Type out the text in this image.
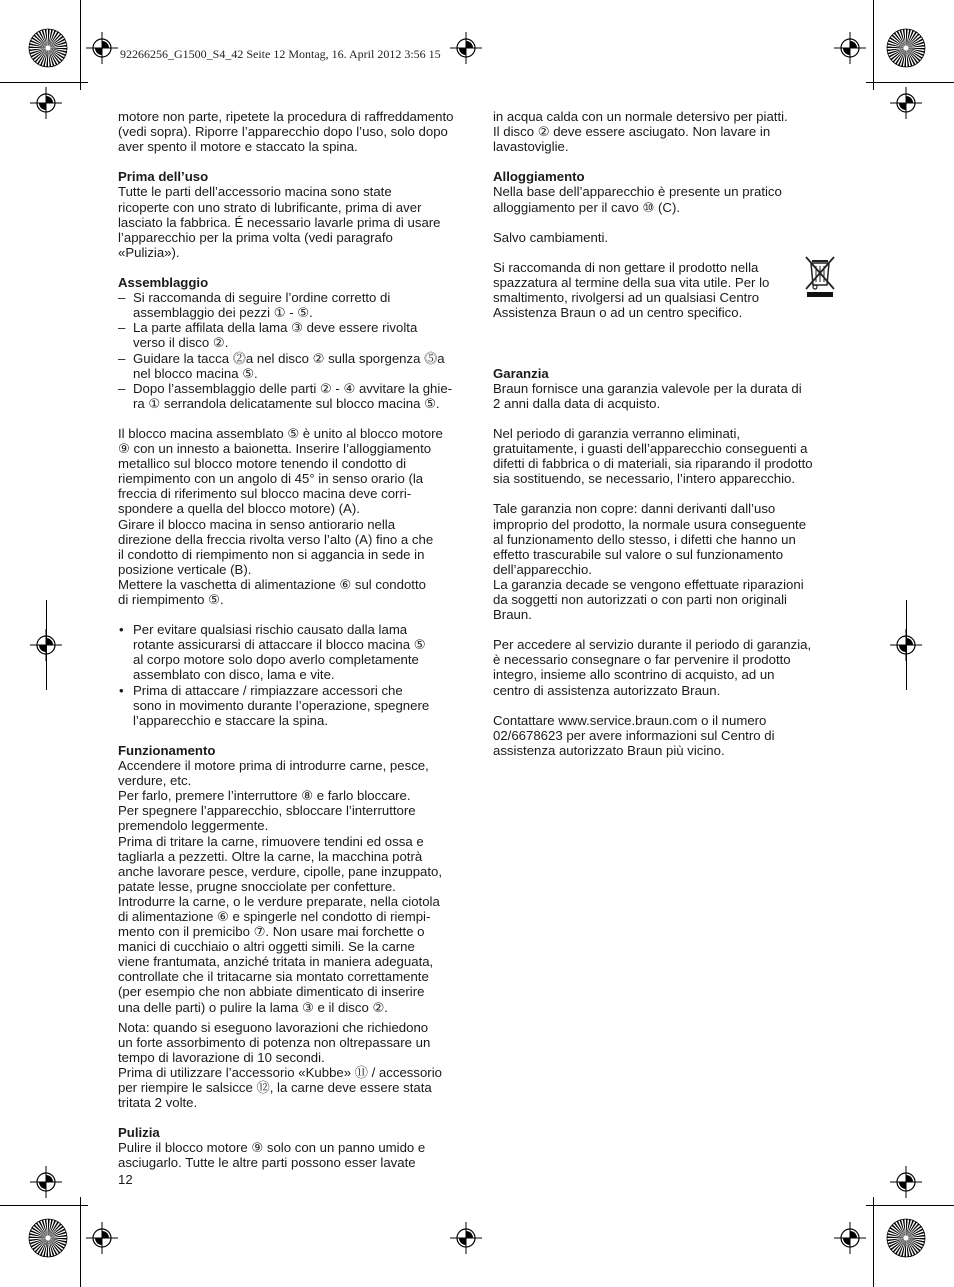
92266256_G1500_S4_42 Seite 12 Montag, 16. April 2012 3:56 15

motore non parte, ripetete la procedura di raffreddamento
(vedi sopra). Riporre l’apparecchio dopo l’uso, solo dopo
aver spento il motore e staccato la spina.

Prima dell’uso

Tutte le parti dell’accessorio macina sono state
ricoperte con uno strato di lubrificante, prima di aver
lasciato la fabbrica. É necessario lavarle prima di usare
l’apparecchio per la prima volta (vedi paragrafo
«Pulizia»).

Assemblaggio
– Si raccomanda di seguire l’ordine corretto di
assemblaggio dei pezzi ① - ⑤.
– La parte affilata della lama ③ deve essere rivolta
verso il disco ②.
– Guidare la tacca ⓶a nel disco ② sulla sporgenza ⓹a
nel blocco macina ⑤.
– Dopo l’assemblaggio delle parti ② - ④ avvitare la ghie-
ra ① serrandola delicatamente sul blocco macina ⑤.

Il blocco macina assemblato ⑤ è unito al blocco motore
⑨ con un innesto a baionetta. Inserire l’alloggiamento
metallico sul blocco motore tenendo il condotto di
riempimento con un angolo di 45° in senso orario (la
freccia di riferimento sul blocco macina deve corri-
spondere a quella del blocco motore) (A).
Girare il blocco macina in senso antiorario nella
direzione della freccia rivolta verso l’alto (A) fino a che
il condotto di riempimento non si aggancia in sede in
posizione verticale (B).
Mettere la vaschetta di alimentazione ⑥ sul condotto
di riempimento ⑤.

• Per evitare qualsiasi rischio causato dalla lama
rotante assicurarsi di attaccare il blocco macina ⑤
al corpo motore solo dopo averlo completamente
assemblato con disco, lama e vite.
• Prima di attaccare / rimpiazzare accessori che
sono in movimento durante l’operazione, spegnere
l’apparecchio e staccare la spina.
Funzionamento

Accendere il motore prima di introdurre carne, pesce,
verdure, etc.
Per farlo, premere l’interruttore ⑧ e farlo bloccare.
Per spegnere l’apparecchio, sbloccare l’interruttore
premendolo leggermente.
Prima di tritare la carne, rimuovere tendini ed ossa e
tagliarla a pezzetti. Oltre la carne, la macchina potrà
anche lavorare pesce, verdure, cipolle, pane inzuppato,
patate lesse, prugne snocciolate per confetture.
Introdurre la carne, o le verdure preparate, nella ciotola
di alimentazione ⑥ e spingerle nel condotto di riempi-
mento con il premicibo ⑦. Non usare mai forchette o
manici di cucchiaio o altri oggetti simili. Se la carne
viene frantumata, anziché tritata in maniera adeguata,
controllate che il tritacarne sia montato correttamente
(per esempio che non abbiate dimenticato di inserire
una delle parti) o pulire la lama ③ e il disco ②.

Nota: quando si eseguono lavorazioni che richiedono
un forte assorbimento di potenza non oltrepassare un
tempo di lavorazione di 10 secondi.
Prima di utilizzare l’accessorio «Kubbe» ⑪ / accessorio
per riempire le salsicce ⑫, la carne deve essere stata
tritata 2 volte.

Pulizia

Pulire il blocco motore ⑨ solo con un panno umido e
asciugarlo. Tutte le altre parti possono esser lavate

in acqua calda con un normale detersivo per piatti.
Il disco ② deve essere asciugato. Non lavare in
lavastoviglie.

Alloggiamento

Nella base dell’apparecchio è presente un pratico
alloggiamento per il cavo ⑩ (C).

Salvo cambiamenti.

Si raccomanda di non gettare il prodotto nella
spazzatura al termine della sua vita utile. Per lo
smaltimento, rivolgersi ad un qualsiasi Centro
Assistenza Braun o ad un centro specifico.

Garanzia

Braun fornisce una garanzia valevole per la durata di
2 anni dalla data di acquisto.

Nel periodo di garanzia verranno eliminati,
gratuitamente, i guasti dell’apparecchio conseguenti a
difetti di fabbrica o di materiali, sia riparando il prodotto
sia sostituendo, se necessario, l’intero apparecchio.

Tale garanzia non copre: danni derivanti dall’uso
improprio del prodotto, la normale usura conseguente
al funzionamento dello stesso, i difetti che hanno un
effetto trascurabile sul valore o sul funzionamento
dell’apparecchio.
La garanzia decade se vengono effettuate riparazioni
da soggetti non autorizzati o con parti non originali
Braun.

Per accedere al servizio durante il periodo di garanzia,
è necessario consegnare o far pervenire il prodotto
integro, insieme allo scontrino di acquisto, ad un
centro di assistenza autorizzato Braun.

Contattare www.service.braun.com o il numero
02/6678623 per avere informazioni sul Centro di
assistenza autorizzato Braun più vicino.

12
